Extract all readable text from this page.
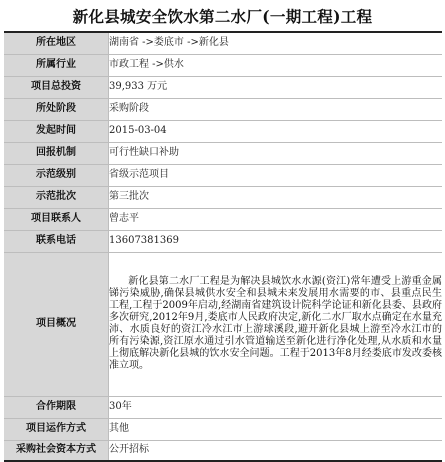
新化县城安全饮水第二水厂(一期工程)工程
所在地区	湖南省 ->娄底市 ->新化县
所属行业	市政工程 ->供水
项目总投资	39,933 万元
所处阶段	采购阶段
发起时间	2015-03-04
回报机制	可行性缺口补助
示范级别	省级示范项目
示范批次	第三批次
项目联系人	曾志平
联系电话	13607381369
项目概况	新化县第二水厂工程是为解决县城饮水水源(资江)常年遭受上游重金属锑污染威胁,确保县城供水安全和县城未来发展用水需要的市、县重点民生工程,工程于2009年启动,经湖南省建筑设计院科学论证和新化县委、县政府多次研究,2012年9月,娄底市人民政府决定,新化二水厂取水点确定在水量充沛、水质良好的资江冷水江市上游球溪段,避开新化县城上游至冷水江市的所有污染源,资江原水通过引水管道输送至新化进行净化处理,从水质和水量上彻底解决新化县城的饮水安全问题。工程于2013年8月经娄底市发改委核准立项。
合作期限	30年
项目运作方式	其他
采购社会资本方式	公开招标
